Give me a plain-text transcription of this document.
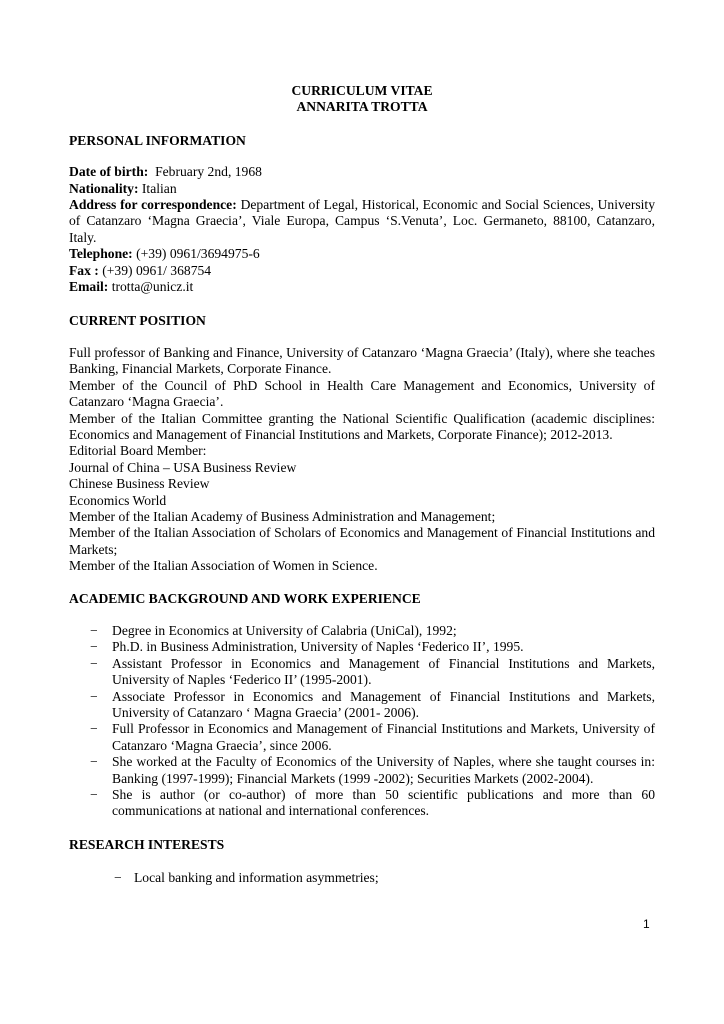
CURRICULUM VITAE

ANNARITA TROTTA

PERSONAL INFORMATION

Date of birth: February 2nd, 1968

Nationality: Italian

Address for correspondence: Department of Legal, Historical, Economic and Social Sciences, University of Catanzaro ‘Magna Graecia’, Viale Europa, Campus ‘S.Venuta’, Loc. Germaneto, 88100, Catanzaro, Italy.

Telephone: (+39) 0961/3694975-6

Fax : (+39) 0961/ 368754

Email: trotta@unicz.it

CURRENT POSITION

Full professor of Banking and Finance, University of Catanzaro ‘Magna Graecia’ (Italy), where she teaches Banking, Financial Markets, Corporate Finance.

Member of the Council of PhD School in Health Care Management and Economics, University of Catanzaro ‘Magna Graecia’.

Member of the Italian Committee granting the National Scientific Qualification (academic disciplines: Economics and Management of Financial Institutions and Markets, Corporate Finance); 2012-2013.

Editorial Board Member:

Journal of China – USA Business Review

Chinese Business Review

Economics World

Member of the Italian Academy of Business Administration and Management;

Member of the Italian Association of Scholars of Economics and Management of Financial Institutions and Markets;

Member of the Italian Association of Women in Science.

ACADEMIC BACKGROUND AND WORK EXPERIENCE
− Degree in Economics at University of Calabria (UniCal), 1992;
− Ph.D. in Business Administration, University of Naples ‘Federico II’, 1995.
− Assistant Professor in Economics and Management of Financial Institutions and Markets, University of Naples ‘Federico II’ (1995-2001).
− Associate Professor in Economics and Management of Financial Institutions and Markets, University of Catanzaro ‘ Magna Graecia’ (2001- 2006).
− Full Professor in Economics and Management of Financial Institutions and Markets, University of Catanzaro ‘Magna Graecia’, since 2006.
− She worked at the Faculty of Economics of the University of Naples, where she taught courses in: Banking (1997-1999); Financial Markets (1999 -2002); Securities Markets (2002-2004).
− She is author (or co-author) of more than 50 scientific publications and more than 60 communications at national and international conferences.
RESEARCH INTERESTS
− Local banking and information asymmetries;
1
